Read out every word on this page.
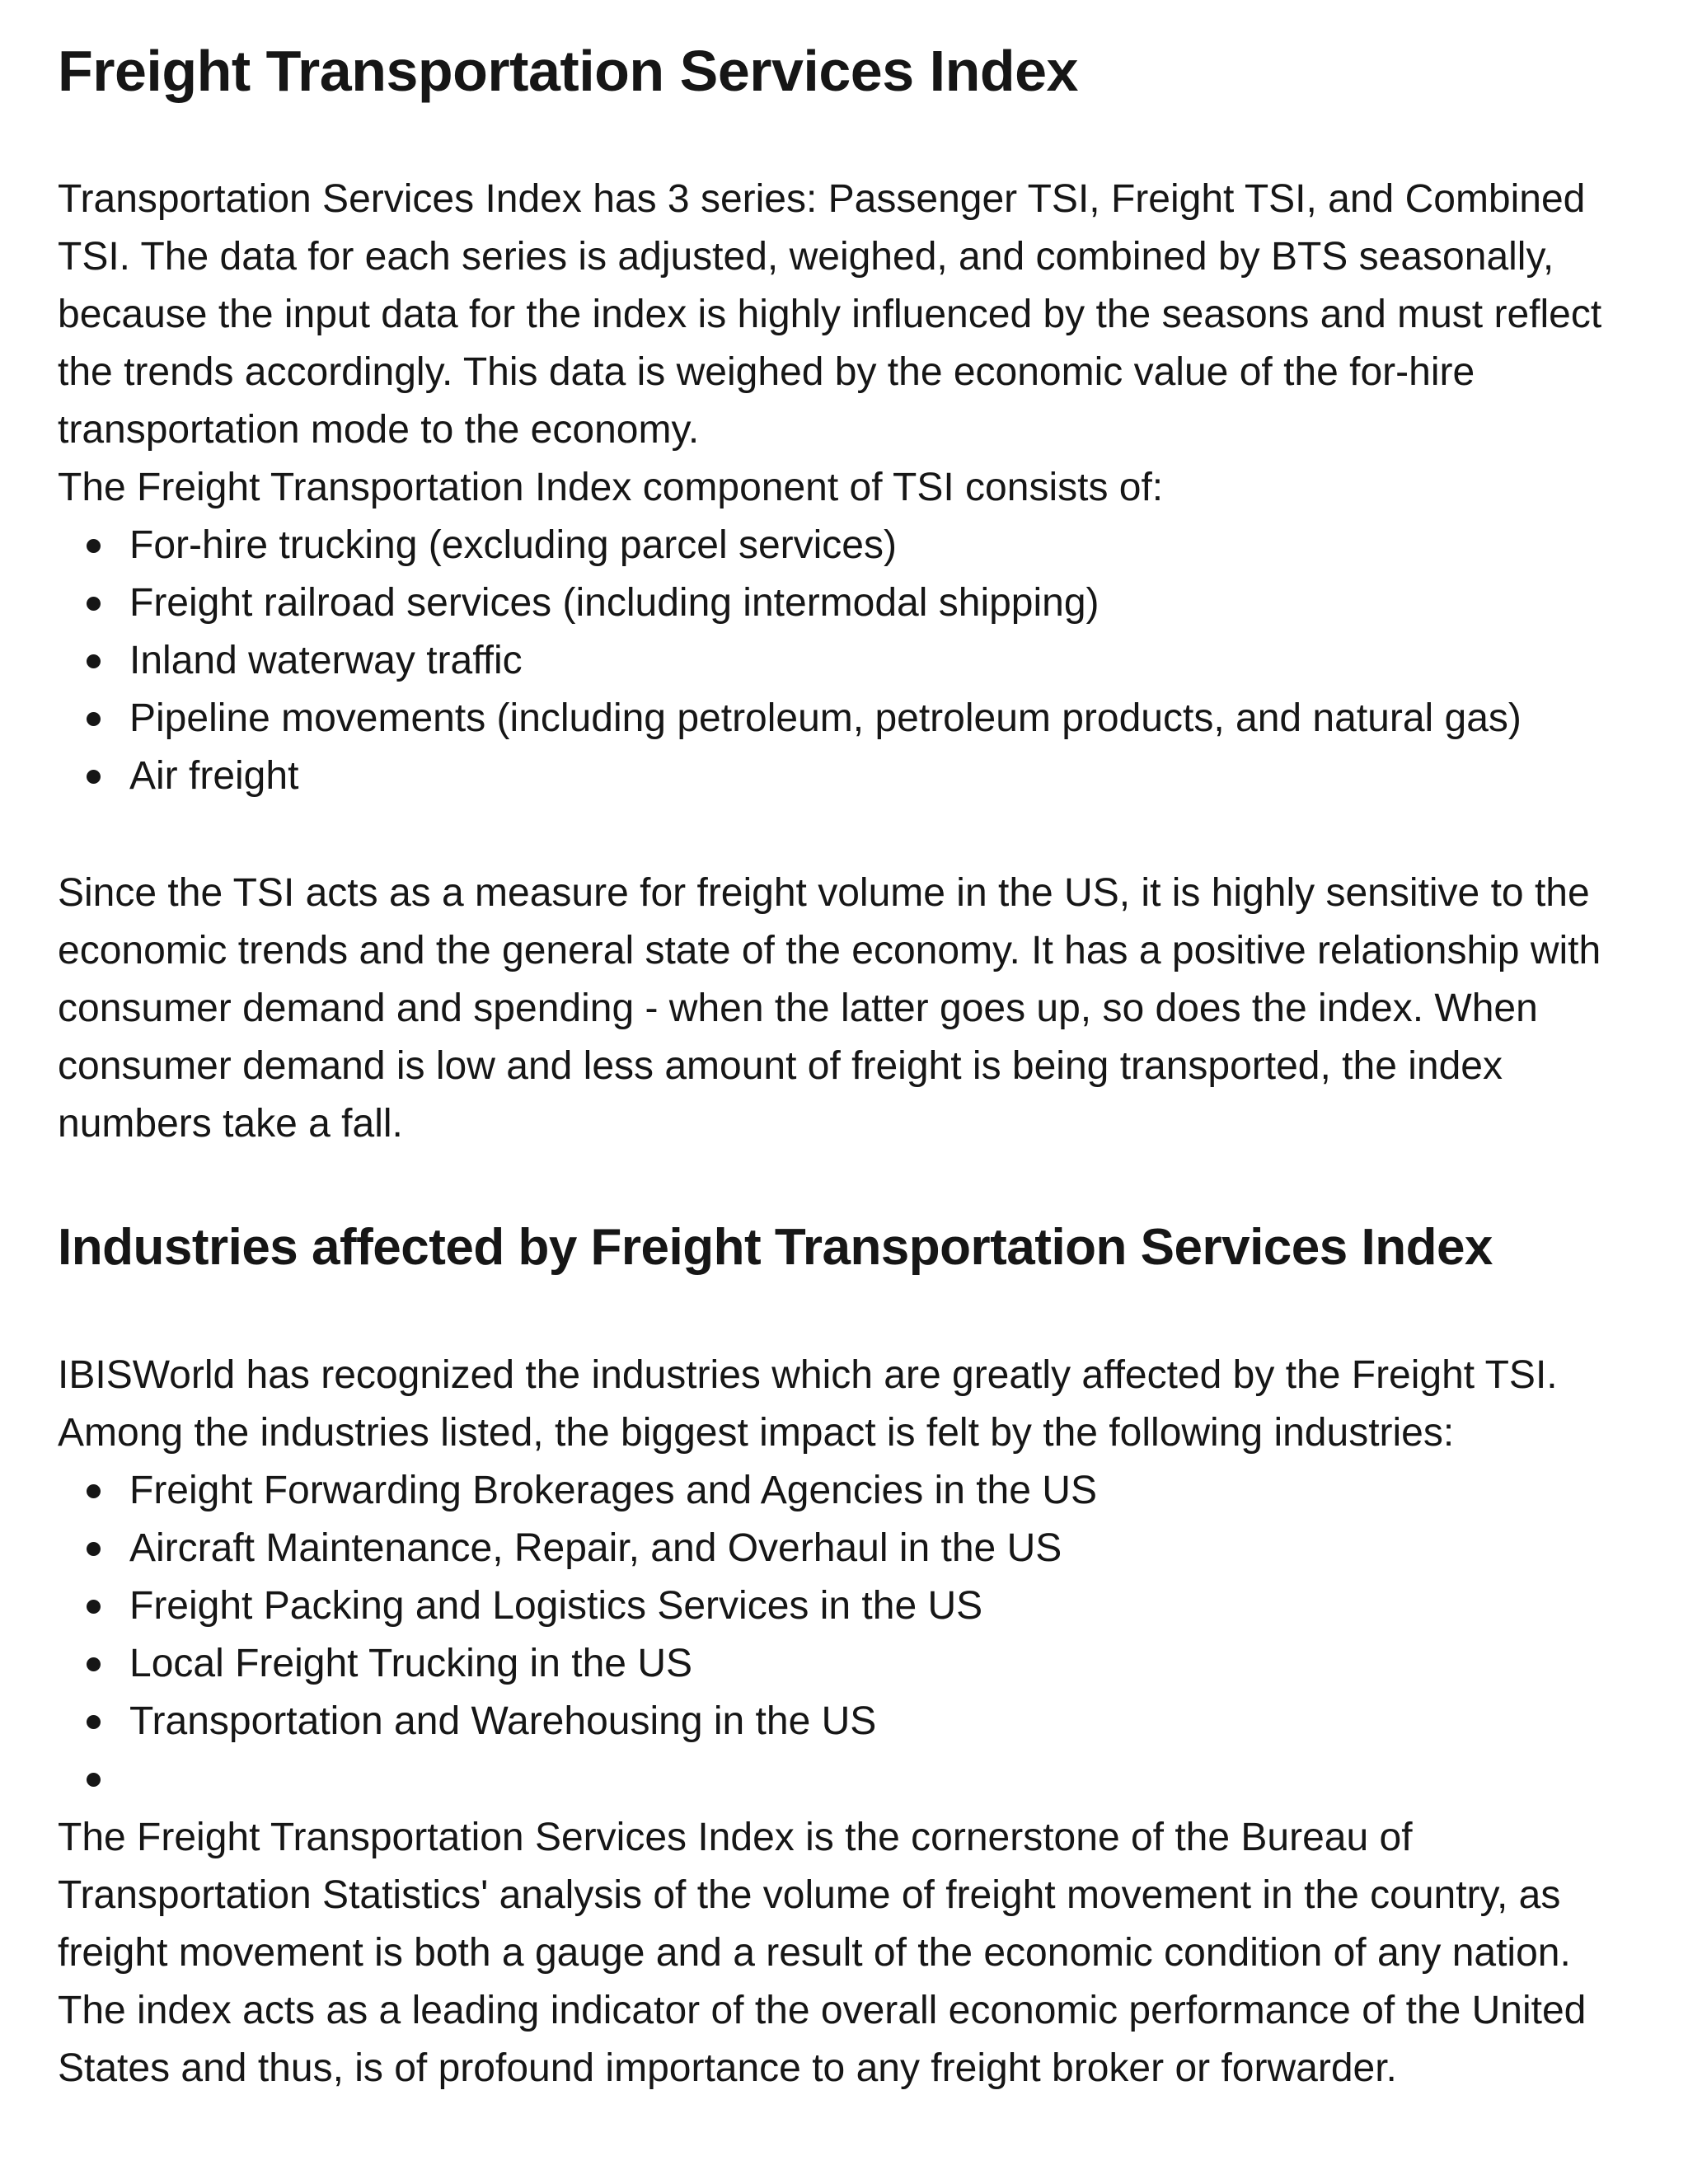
Freight Transportation Services Index

Transportation Services Index has 3 series: Passenger TSI, Freight TSI, and Combined TSI. The data for each series is adjusted, weighed, and combined by BTS seasonally, because the input data for the index is highly influenced by the seasons and must reflect the trends accordingly. This data is weighed by the economic value of the for-hire transportation mode to the economy.

The Freight Transportation Index component of TSI consists of:

For-hire trucking (excluding parcel services)
Freight railroad services (including intermodal shipping)
Inland waterway traffic
Pipeline movements (including petroleum, petroleum products, and natural gas)
Air freight

Since the TSI acts as a measure for freight volume in the US, it is highly sensitive to the economic trends and the general state of the economy. It has a positive relationship with consumer demand and spending - when the latter goes up, so does the index. When consumer demand is low and less amount of freight is being transported, the index numbers take a fall.

Industries affected by Freight Transportation Services Index

IBISWorld has recognized the industries which are greatly affected by the Freight TSI. Among the industries listed, the biggest impact is felt by the following industries:

Freight Forwarding Brokerages and Agencies in the US
Aircraft Maintenance, Repair, and Overhaul in the US
Freight Packing and Logistics Services in the US
Local Freight Trucking in the US
Transportation and Warehousing in the US

The Freight Transportation Services Index is the cornerstone of the Bureau of Transportation Statistics' analysis of the volume of freight movement in the country, as freight movement is both a gauge and a result of the economic condition of any nation. The index acts as a leading indicator of the overall economic performance of the United States and thus, is of profound importance to any freight broker or forwarder.
